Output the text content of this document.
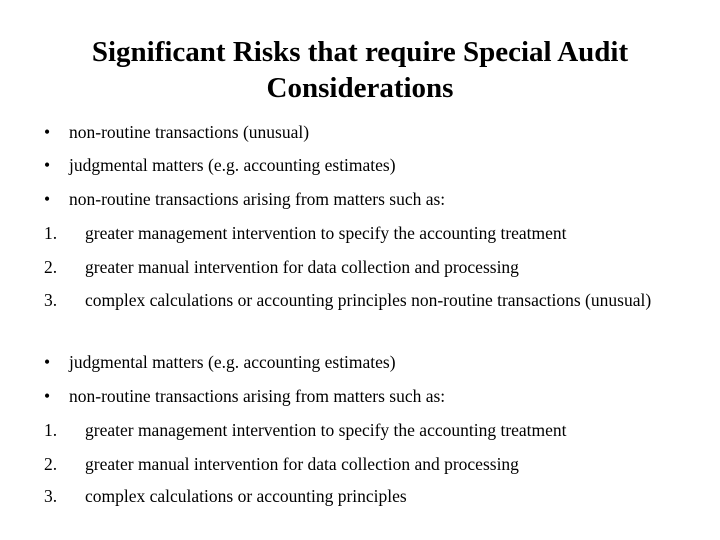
Significant Risks that require Special Audit Considerations
• non-routine transactions (unusual)
• judgmental matters (e.g. accounting estimates)
• non-routine transactions arising from matters such as:
1. greater management intervention to specify the accounting treatment
2. greater manual intervention for data collection and processing
3. complex calculations or accounting principles non-routine transactions (unusual)
• judgmental matters (e.g. accounting estimates)
• non-routine transactions arising from matters such as:
1. greater management intervention to specify the accounting treatment
2. greater manual intervention for data collection and processing
3. complex calculations or accounting principles
